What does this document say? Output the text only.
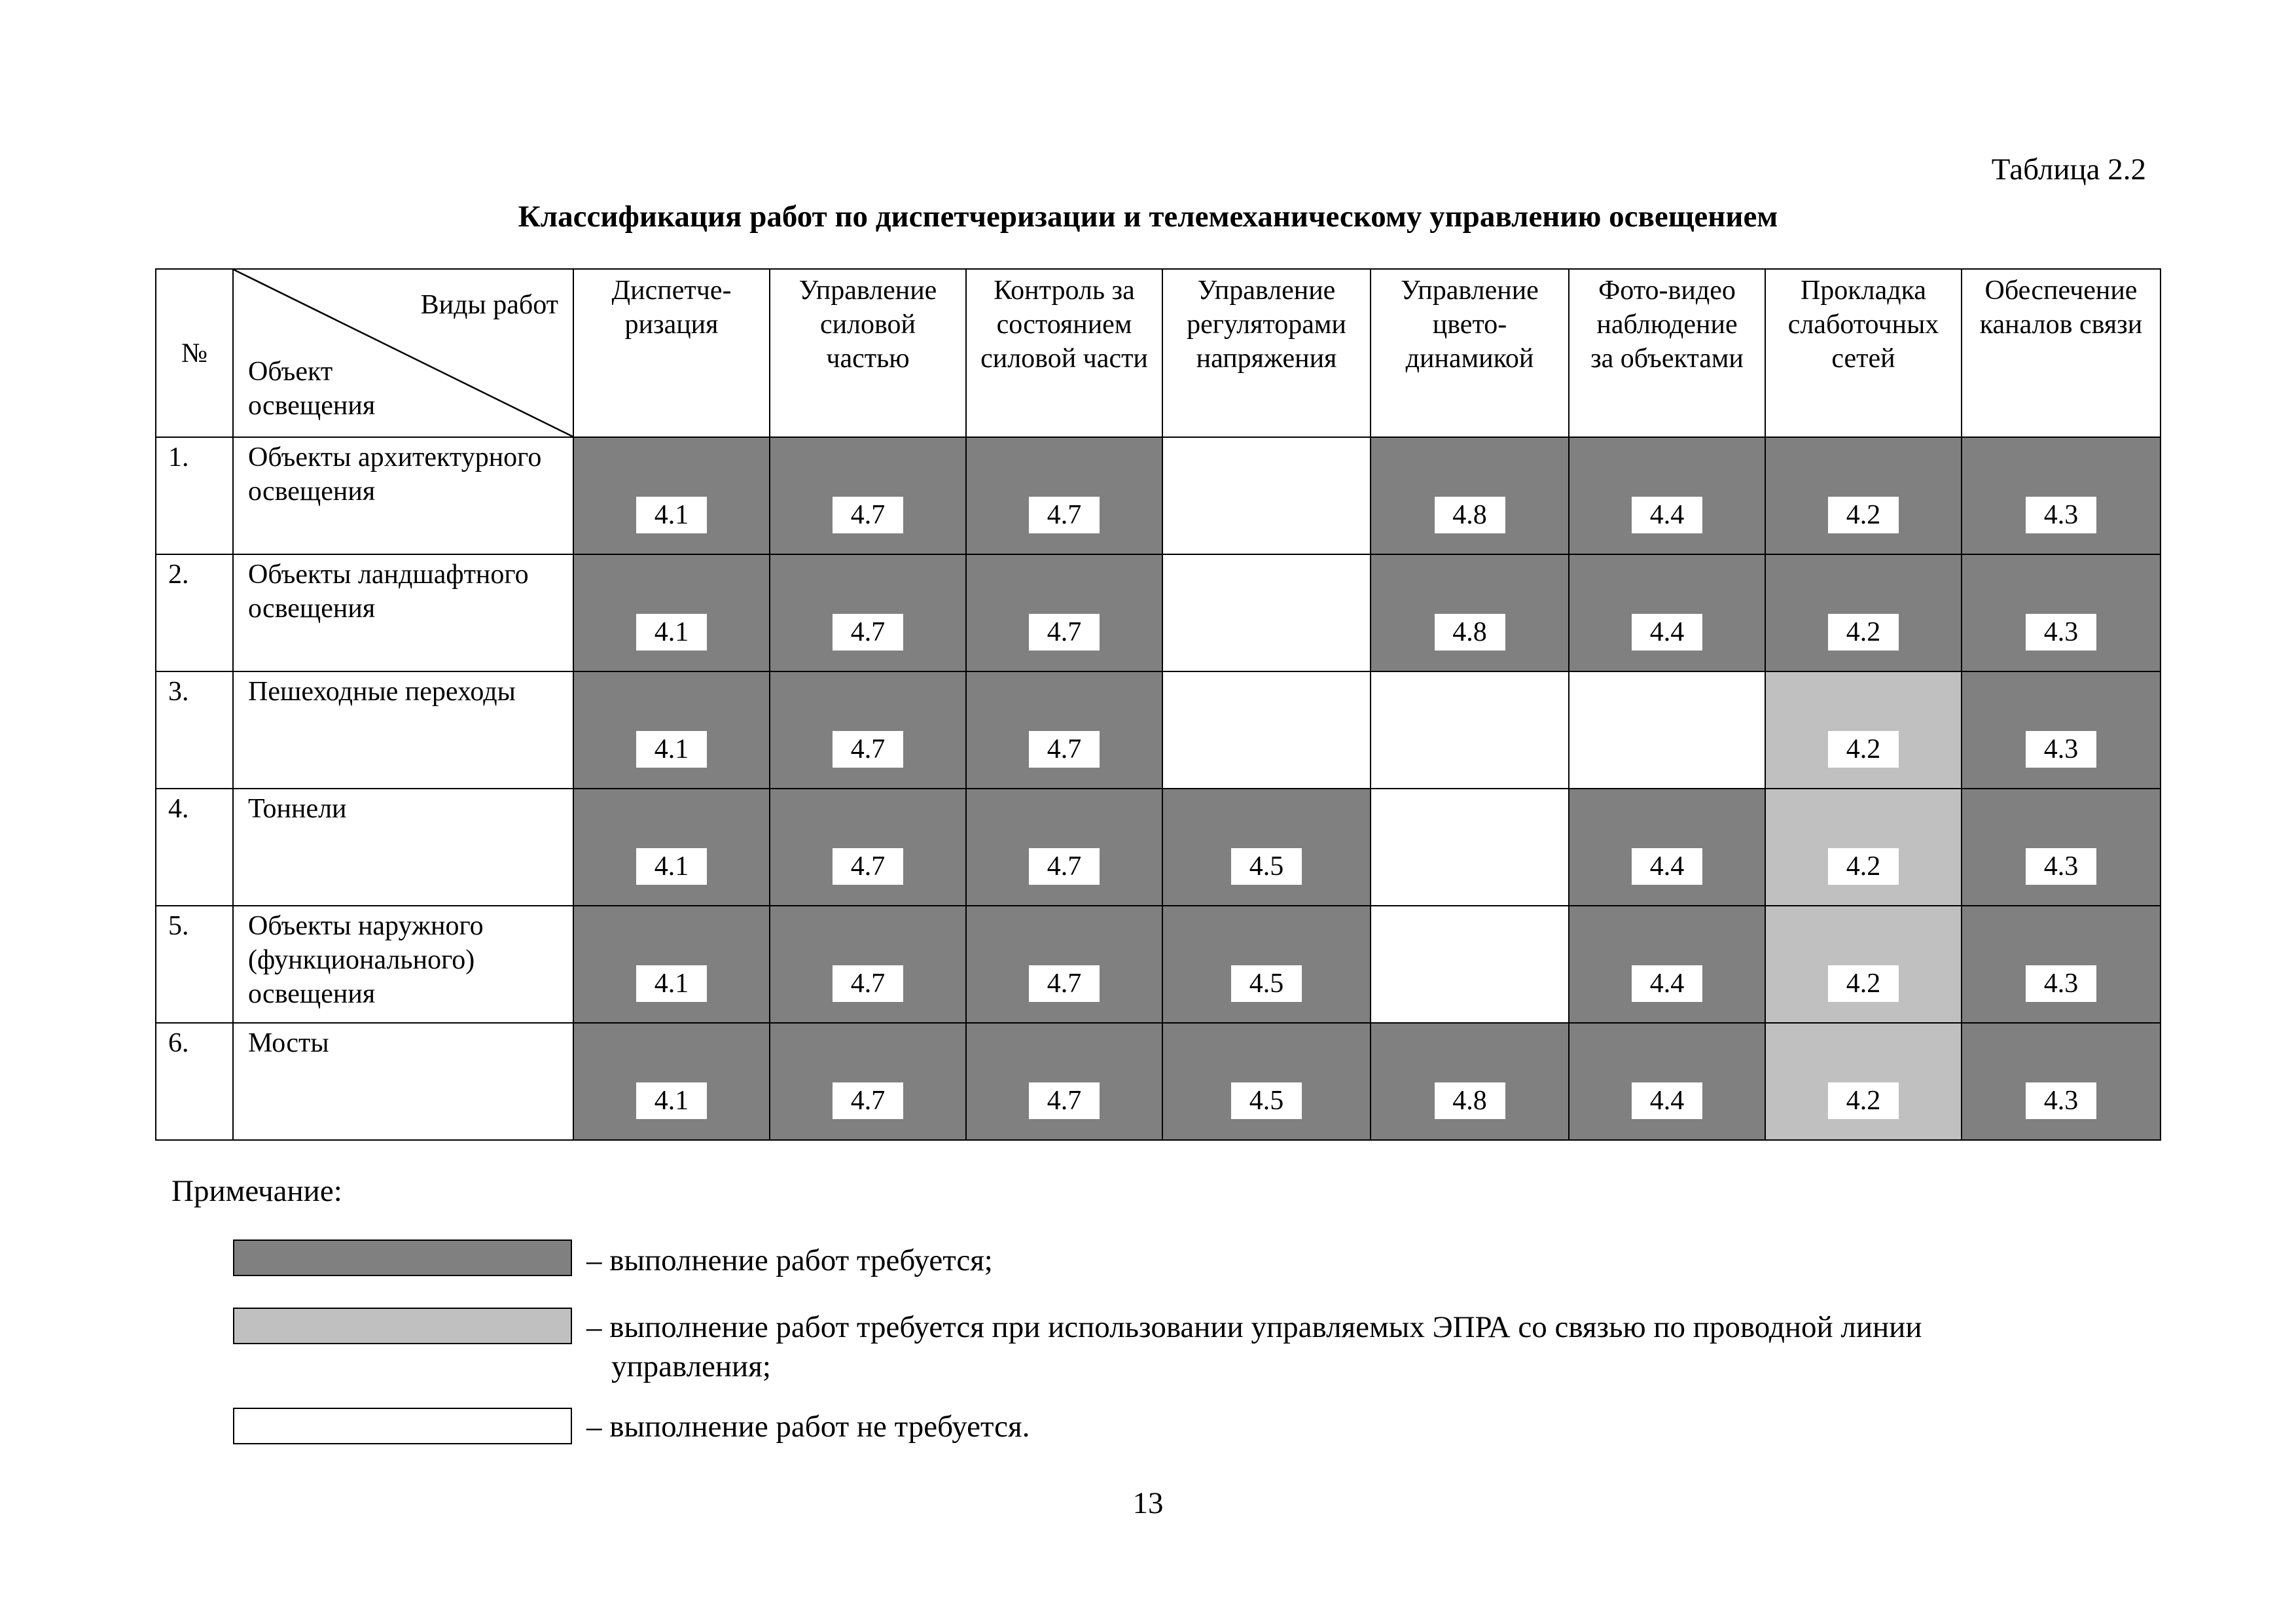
Таблица 2.2
Классификация работ по диспетчеризации и телемеханическому управлению освещением
№	Виды работ
Объект освещения	Диспетче-ризация	Управление силовой частью	Контроль за состоянием силовой части	Управление регуляторами напряжения	Управление цвето-динамикой	Фото-видео наблюдение за объектами	Прокладка слаботочных сетей	Обеспечение каналов связи
1.	Объекты архитектурного освещения	4.1	4.7	4.7		4.8	4.4	4.2	4.3
2.	Объекты ландшафтного освещения	4.1	4.7	4.7		4.8	4.4	4.2	4.3
3.	Пешеходные переходы	4.1	4.7	4.7				4.2	4.3
4.	Тоннели	4.1	4.7	4.7	4.5		4.4	4.2	4.3
5.	Объекты наружного (функционального) освещения	4.1	4.7	4.7	4.5		4.4	4.2	4.3
6.	Мосты	4.1	4.7	4.7	4.5	4.8	4.4	4.2	4.3
Примечание:
– выполнение работ требуется;
– выполнение работ требуется при использовании управляемых ЭПРА со связью по проводной линии управления;
– выполнение работ не требуется.
13
